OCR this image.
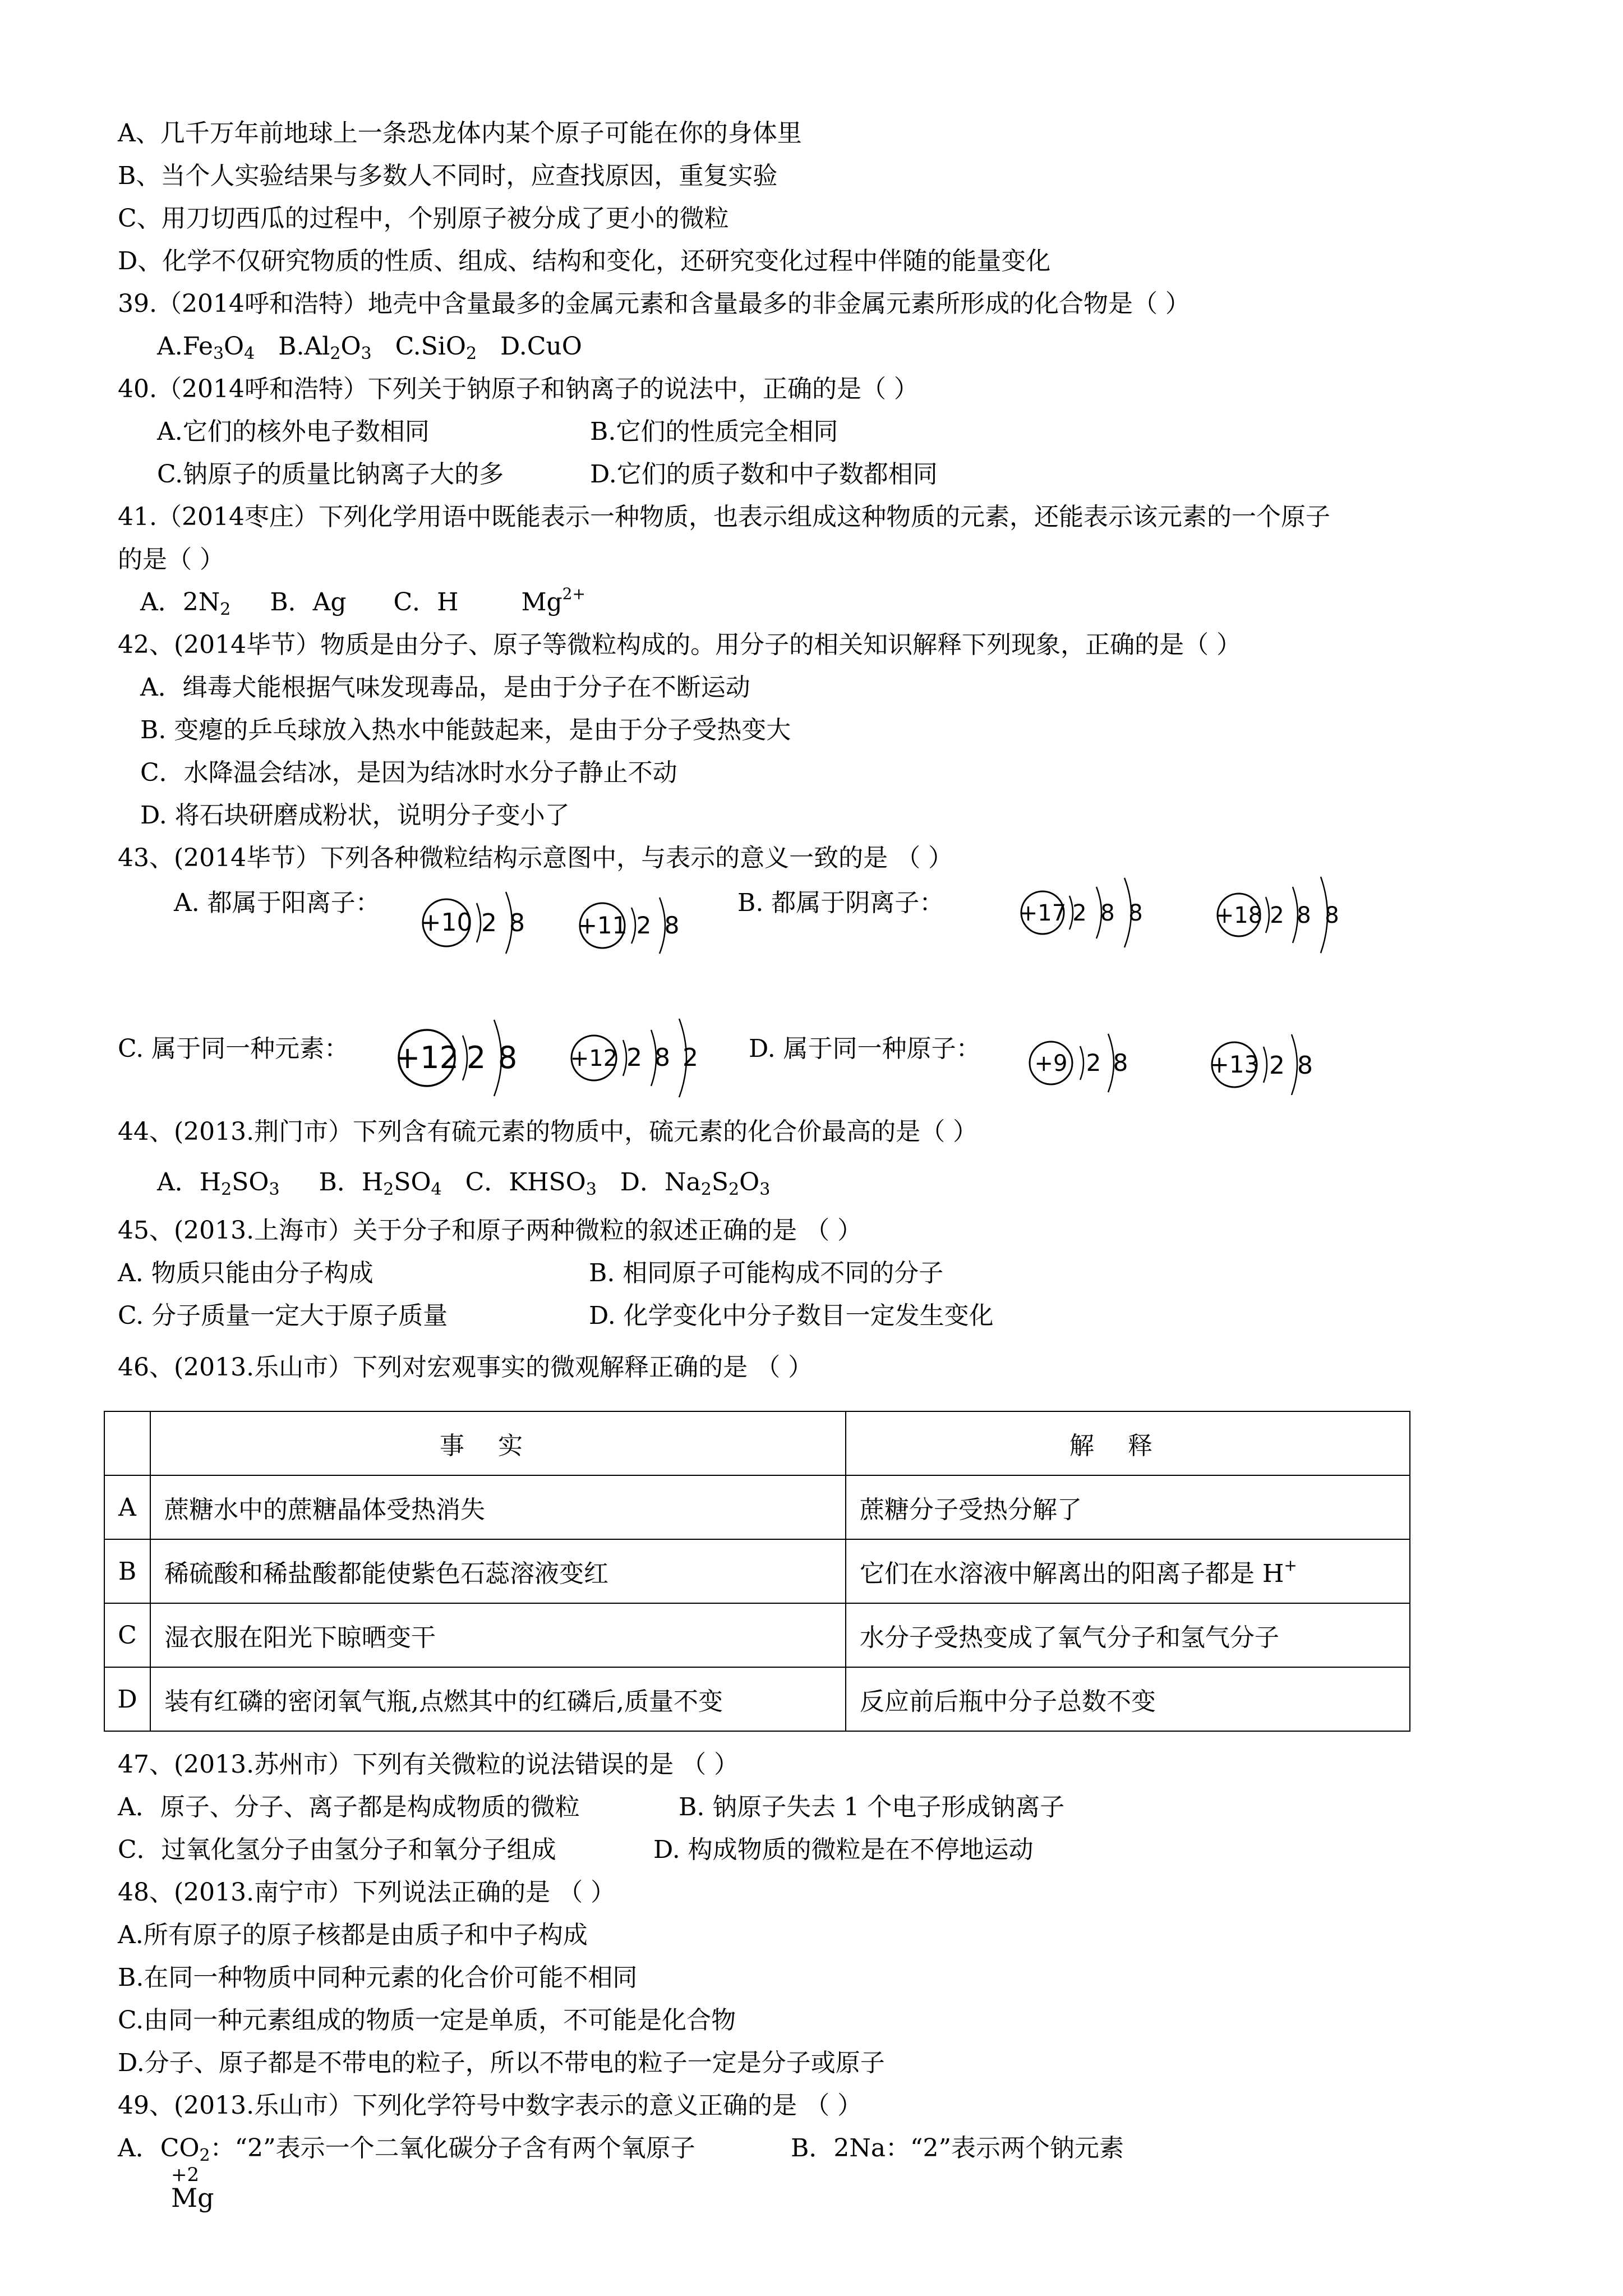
A、几千万年前地球上一条恐龙体内某个原子可能在你的身体里
B、当个人实验结果与多数人不同时，应查找原因，重复实验
C、用刀切西瓜的过程中，个别原子被分成了更小的微粒
D、化学不仅研究物质的性质、组成、结构和变化，还研究变化过程中伴随的能量变化
39.（2014呼和浩特）地壳中含量最多的金属元素和含量最多的非金属元素所形成的化合物是（ ）
$A.Fe_3O_4$ $B.Al_2O_3$ C.SiO$_2$ D.CuO
40.（2014呼和浩特）下列关于钠原子和钠离子的说法中，正确的是（ ）
A.它们的核外电子数相同	B.它们的性质完全相同
C.钠原子的质量比钠离子大的多	D.它们的质子数和中子数都相同
41.（2014枣庄）下列化学用语中既能表示一种物质，也表示组成这种物质的元素，还能表示该元素的一个原子
的是（ ）
A．$2N_2$ B．Ag C．H	$Mg^{2+}$
42、(2014毕节）物质是由分子、原子等微粒构成的。用分子的相关知识解释下列现象，正确的是（ ）
A．缉毒犬能根据气味发现毒品，是由于分子在不断运动
B. 变瘪的乒乓球放入热水中能鼓起来，是由于分子受热变大
C．水降温会结冰，是因为结冰时水分子静止不动
D. 将石块研磨成粉状，说明分子变小了
43、(2014毕节）下列各种微粒结构示意图中，与表示的意义一致的是 （ ）
A. 都属于阳离子：	B. 都属于阴离子：
C. 属于同一种元素：	D. 属于同一种原子：
+10 2 8 +11 2 8	+17 2 8 8	+18 2 8 8
+12 2 8 +12 2 8 2	+9 2 8	+13 2 8
44、(2013.荆门市）下列含有硫元素的物质中，硫元素的化合价最高的是（ ）
A．$H_2SO_3$ B．$H_2SO_4$ C．$KHSO_3$ D．$Na_2S_2O_3$
45、(2013.上海市）关于分子和原子两种微粒的叙述正确的是 （ ）
A. 物质只能由分子构成	B. 相同原子可能构成不同的分子
C. 分子质量一定大于原子质量	D. 化学变化中分子数目一定发生变化
46、(2013.乐山市）下列对宏观事实的微观解释正确的是 （ ）
	事实	解释
A	蔗糖水中的蔗糖晶体受热消失	蔗糖分子受热分解了
B	稀硫酸和稀盐酸都能使紫色石蕊溶液变红	它们在水溶液中解离出的阳离子都是 H+
C	湿衣服在阳光下晾晒变干	水分子受热变成了氧气分子和氢气分子
D	装有红磷的密闭氧气瓶,点燃其中的红磷后,质量不变	反应前后瓶中分子总数不变
47、(2013.苏州市）下列有关微粒的说法错误的是 （ ）
A．原子、分子、离子都是构成物质的微粒	B. 钠原子失去 1 个电子形成钠离子
C．过氧化氢分子由氢分子和氧分子组成	D. 构成物质的微粒是在不停地运动
48、(2013.南宁市）下列说法正确的是 （ ）
A.所有原子的原子核都是由质子和中子构成
B.在同一种物质中同种元素的化合价可能不相同
C.由同一种元素组成的物质一定是单质，不可能是化合物
D.分子、原子都是不带电的粒子，所以不带电的粒子一定是分子或原子
49、(2013.乐山市）下列化学符号中数字表示的意义正确的是 （ ）
A．$CO_2$：“2”表示一个二氧化碳分子含有两个氧原子	B．2Na：“2”表示两个钠元素
+2
Mg
